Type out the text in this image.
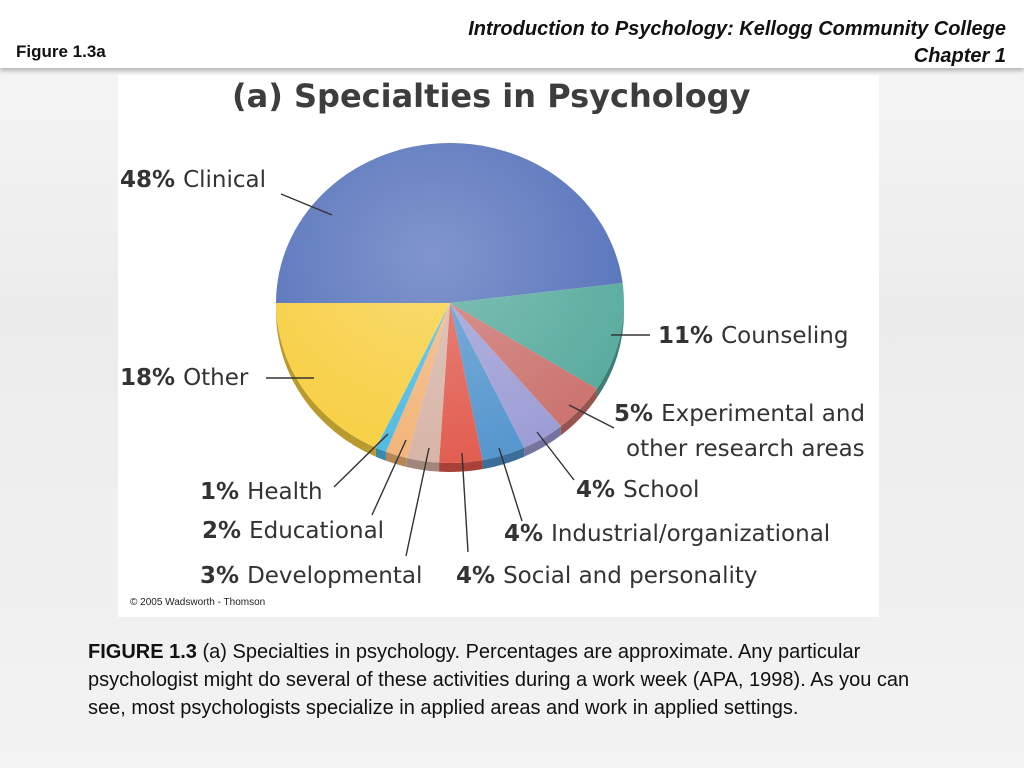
Figure 1.3a
Introduction to Psychology: Kellogg Community College
Chapter 1
(a) Specialties in Psychology
48% Clinical
11% Counseling
5% Experimental and
other research areas
4% School
4% Industrial/organizational
4% Social and personality
3% Developmental
2% Educational
1% Health
18% Other
© 2005 Wadsworth - Thomson
FIGURE 1.3 (a) Specialties in psychology. Percentages are approximate. Any particular psychologist might do several of these activities during a work week (APA, 1998). As you can see, most psychologists specialize in applied areas and work in applied settings.
